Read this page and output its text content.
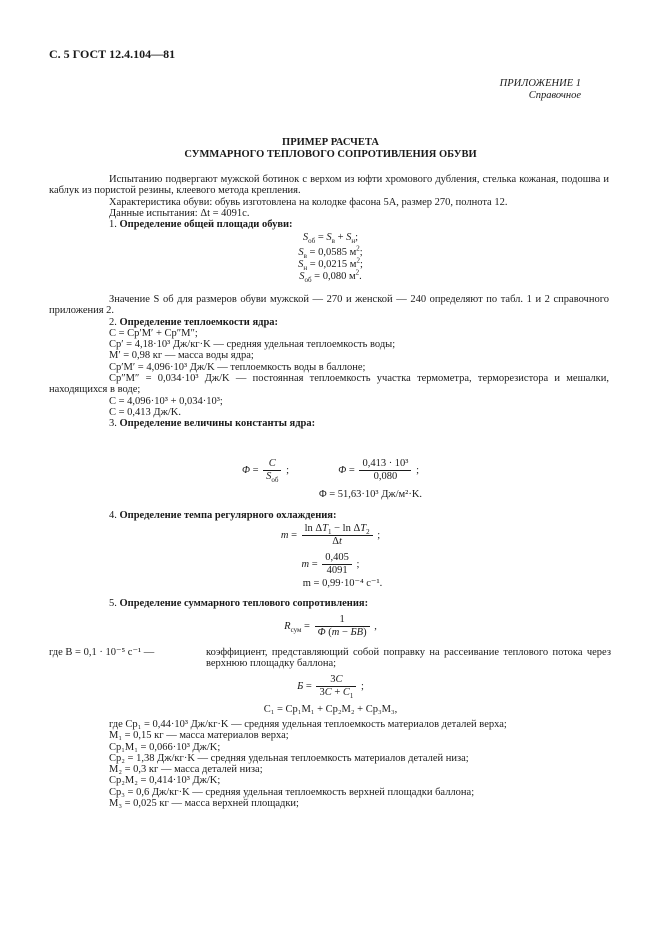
С. 5 ГОСТ 12.4.104—81
ПРИЛОЖЕНИЕ 1
Справочное
ПРИМЕР РАСЧЕТА
СУММАРНОГО ТЕПЛОВОГО СОПРОТИВЛЕНИЯ ОБУВИ

Испытанию подвергают мужской ботинок с верхом из юфти хромового дубления, стелька кожаная, подошва и каблук из пористой резины, клеевого метода крепления.

Характеристика обуви: обувь изготовлена на колодке фасона 5А, размер 270, полнота 12.

Данные испытания: Δt = 4091с.

1. Определение общей площади обуви:

$S_{об} = S_в + S_н$;
$S_в = 0,0585$ $м^2$;
$S_н = 0,0215$ $м^2$;
$S_{об} = 0,080$ $м^2$.

Значение S об для размеров обуви мужской — 270 и женской — 240 определяют по табл. 1 и 2 справочного приложения 2.

2. Определение теплоемкости ядра:

C = Cp′M′ + Cp″M″;

Cp′ = 4,18·10³ Дж/кг·K — средняя удельная теплоемкость воды;

M′ = 0,98 кг — масса воды ядра;

Cp′M′ = 4,096·10³ Дж/K — теплоемкость воды в баллоне;

Cp″M″ = 0,034·10³ Дж/K — постоянная теплоемкость участка термометра, терморезистора и мешалки, находящихся в воде;

C = 4,096·10³ + 0,034·10³;

C = 0,413 Дж/K.

3. Определение величины константы ядра:

$\Phi = \frac{C}{S_{об}}$ ;	$\Phi = \frac{\text{0,413 · 10³}}{0,080}$ ;
Φ = 51,63·10³ Дж/м²·K.

4. Определение темпа регулярного охлаждения:

$m = \frac{\ln \Delta T_1 - \ln \Delta T_2}{\Delta t}$ ;
$m = \frac{0,405}{4091}$ ;
m = 0,99·10⁻⁴ с⁻¹.

5. Определение суммарного теплового сопротивления:

$R_{сум} = \frac{1}{\Phi (m - БB)}$ ,
где B = 0,1 · 10⁻⁵ с⁻¹ —	коэффициент, представляющий собой поправку на рассеивание теплового потока через верхнюю площадку баллона;
$Б = \frac{3C}{3C + C_1}$ ;
C₁ = Cp₁M₁ + Cp₂M₂ + Cp₃M₃,

где Cp₁ = 0,44·10³ Дж/кг·K — средняя удельная теплоемкость материалов деталей верха;

M₁ = 0,15 кг — масса материалов верха;

Cp₁M₁ = 0,066·10³ Дж/K;

Cp₂ = 1,38 Дж/кг·K — средняя удельная теплоемкость материалов деталей низа;

M₂ = 0,3 кг — масса деталей низа;

Cp₂M₂ = 0,414·10³ Дж/K;

Cp₃ = 0,6 Дж/кг·K — средняя удельная теплоемкость верхней площадки баллона;

M₃ = 0,025 кг — масса верхней площадки;
